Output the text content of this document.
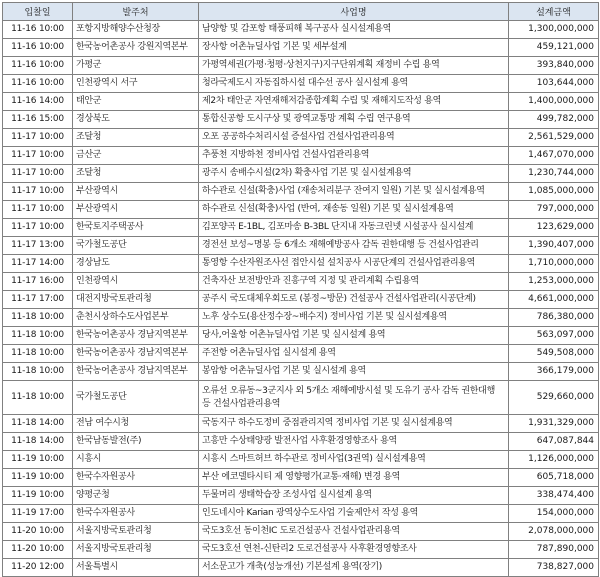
입찰일	발주처	사업명	설계금액
11-16 10:00	포항지방해양수산청장	남양항 및 감포항 태풍피해 복구공사 실시설계용역	1,300,000,000
11-16 10:00	한국농어촌공사 강원지역본부	장사항 어촌뉴딜사업 기본 및 세부설계	459,121,000
11-16 10:00	가평군	가평역세권(가평·청평·상천지구)지구단위계획 재정비 수립 용역	393,840,000
11-16 10:00	인천광역시 서구	청라국제도시 자동집하시설 대수선 공사 실시설계 용역	103,644,000
11-16 14:00	태안군	제2차 태안군 자연재해저감종합계획 수립 및 재해지도작성 용역	1,400,000,000
11-16 15:00	경상북도	통합신공항 도시구상 및 광역교통망 계획 수립 연구용역	499,782,000
11-17 10:00	조달청	오포 공공하수처리시설 증설사업 건설사업관리용역	2,561,529,000
11-17 10:00	금산군	추풍천 지방하천 정비사업 건설사업관리용역	1,467,070,000
11-17 10:00	조달청	광주시 송배수시설(2차) 확충사업 기본 및 실시설계용역	1,230,744,000
11-17 10:00	부산광역시	하수관로 신설(확충)사업 (재송처리분구 잔여지 일원) 기본 및 실시설계용역	1,085,000,000
11-17 10:00	부산광역시	하수관로 신설(확충)사업 (반여, 재송동 일원) 기본 및 실시설계용역	797,000,000
11-17 10:00	한국토지주택공사	김포양곡 E-1BL, 김포마송 B-3BL 단지내 자동크린넷 시설공사 실시설계	123,629,000
11-17 13:00	국가철도공단	경전선 보성~명봉 등 6개소 재해예방공사 감독 권한대행 등 건설사업관리	1,390,407,000
11-17 14:00	경상남도	통영항 수산자원조사선 접안시설 설치공사 시공단계의 건설사업관리용역	1,710,000,000
11-17 16:00	인천광역시	건축자산 보전방안과 진흥구역 지정 및 관리계획 수립용역	1,253,000,000
11-17 17:00	대전지방국토관리청	공주시 국도대체우회도로 (봉정~방문) 건설공사 건설사업관리(시공단계)	4,661,000,000
11-18 10:00	춘천시상하수도사업본부	노후 상수도(용산정수장~배수지) 정비사업 기본 및 실시설계용역	786,380,000
11-18 10:00	한국농어촌공사 경남지역본부	당사,어울항 어촌뉴딜사업 기본 및 실시설계 용역	563,097,000
11-18 10:00	한국농어촌공사 경남지역본부	주전항 어촌뉴딜사업 실시설계 용역	549,508,000
11-18 10:00	한국농어촌공사 경남지역본부	봉암항 어촌뉴딜사업 기본 및 실시설계 용역	366,179,000
11-18 10:00	국가철도공단	오류선 오류동~3군지사 외 5개소 재해예방시설 및 도유기 공사 감독 권한대행 등 건설사업관리용역	529,660,000
11-18 14:00	전남 여수시청	국동지구 하수도정비 중점관리지역 정비사업 기본 및 실시설계용역	1,931,329,000
11-18 14:00	한국남동발전(주)	고흥만 수상태양광 발전사업 사후환경영향조사 용역	647,087,844
11-19 10:00	시흥시	시흥시 스마트허브 하수관로 정비사업(3권역) 실시설계용역	1,126,000,000
11-19 10:00	한국수자원공사	부산 에코델타시티 제 영향평가(교통·재해) 변경 용역	605,718,000
11-19 10:00	양평군청	두물머리 생태학습장 조성사업 실시설계 용역	338,474,400
11-19 17:00	한국수자원공사	인도네시아 Karian 광역상수도사업 기술제안서 작성 용역	154,000,000
11-20 10:00	서울지방국토관리청	국도3호선 동이천IC 도로건설공사 건설사업관리용역	2,078,000,000
11-20 10:00	서울지방국토관리청	국도3호선 연천-신탄리2 도로건설공사 사후환경영향조사	787,890,000
11-20 12:00	서울특별시	서소문고가 개축(성능개선) 기본설계 용역(장기)	738,827,000
